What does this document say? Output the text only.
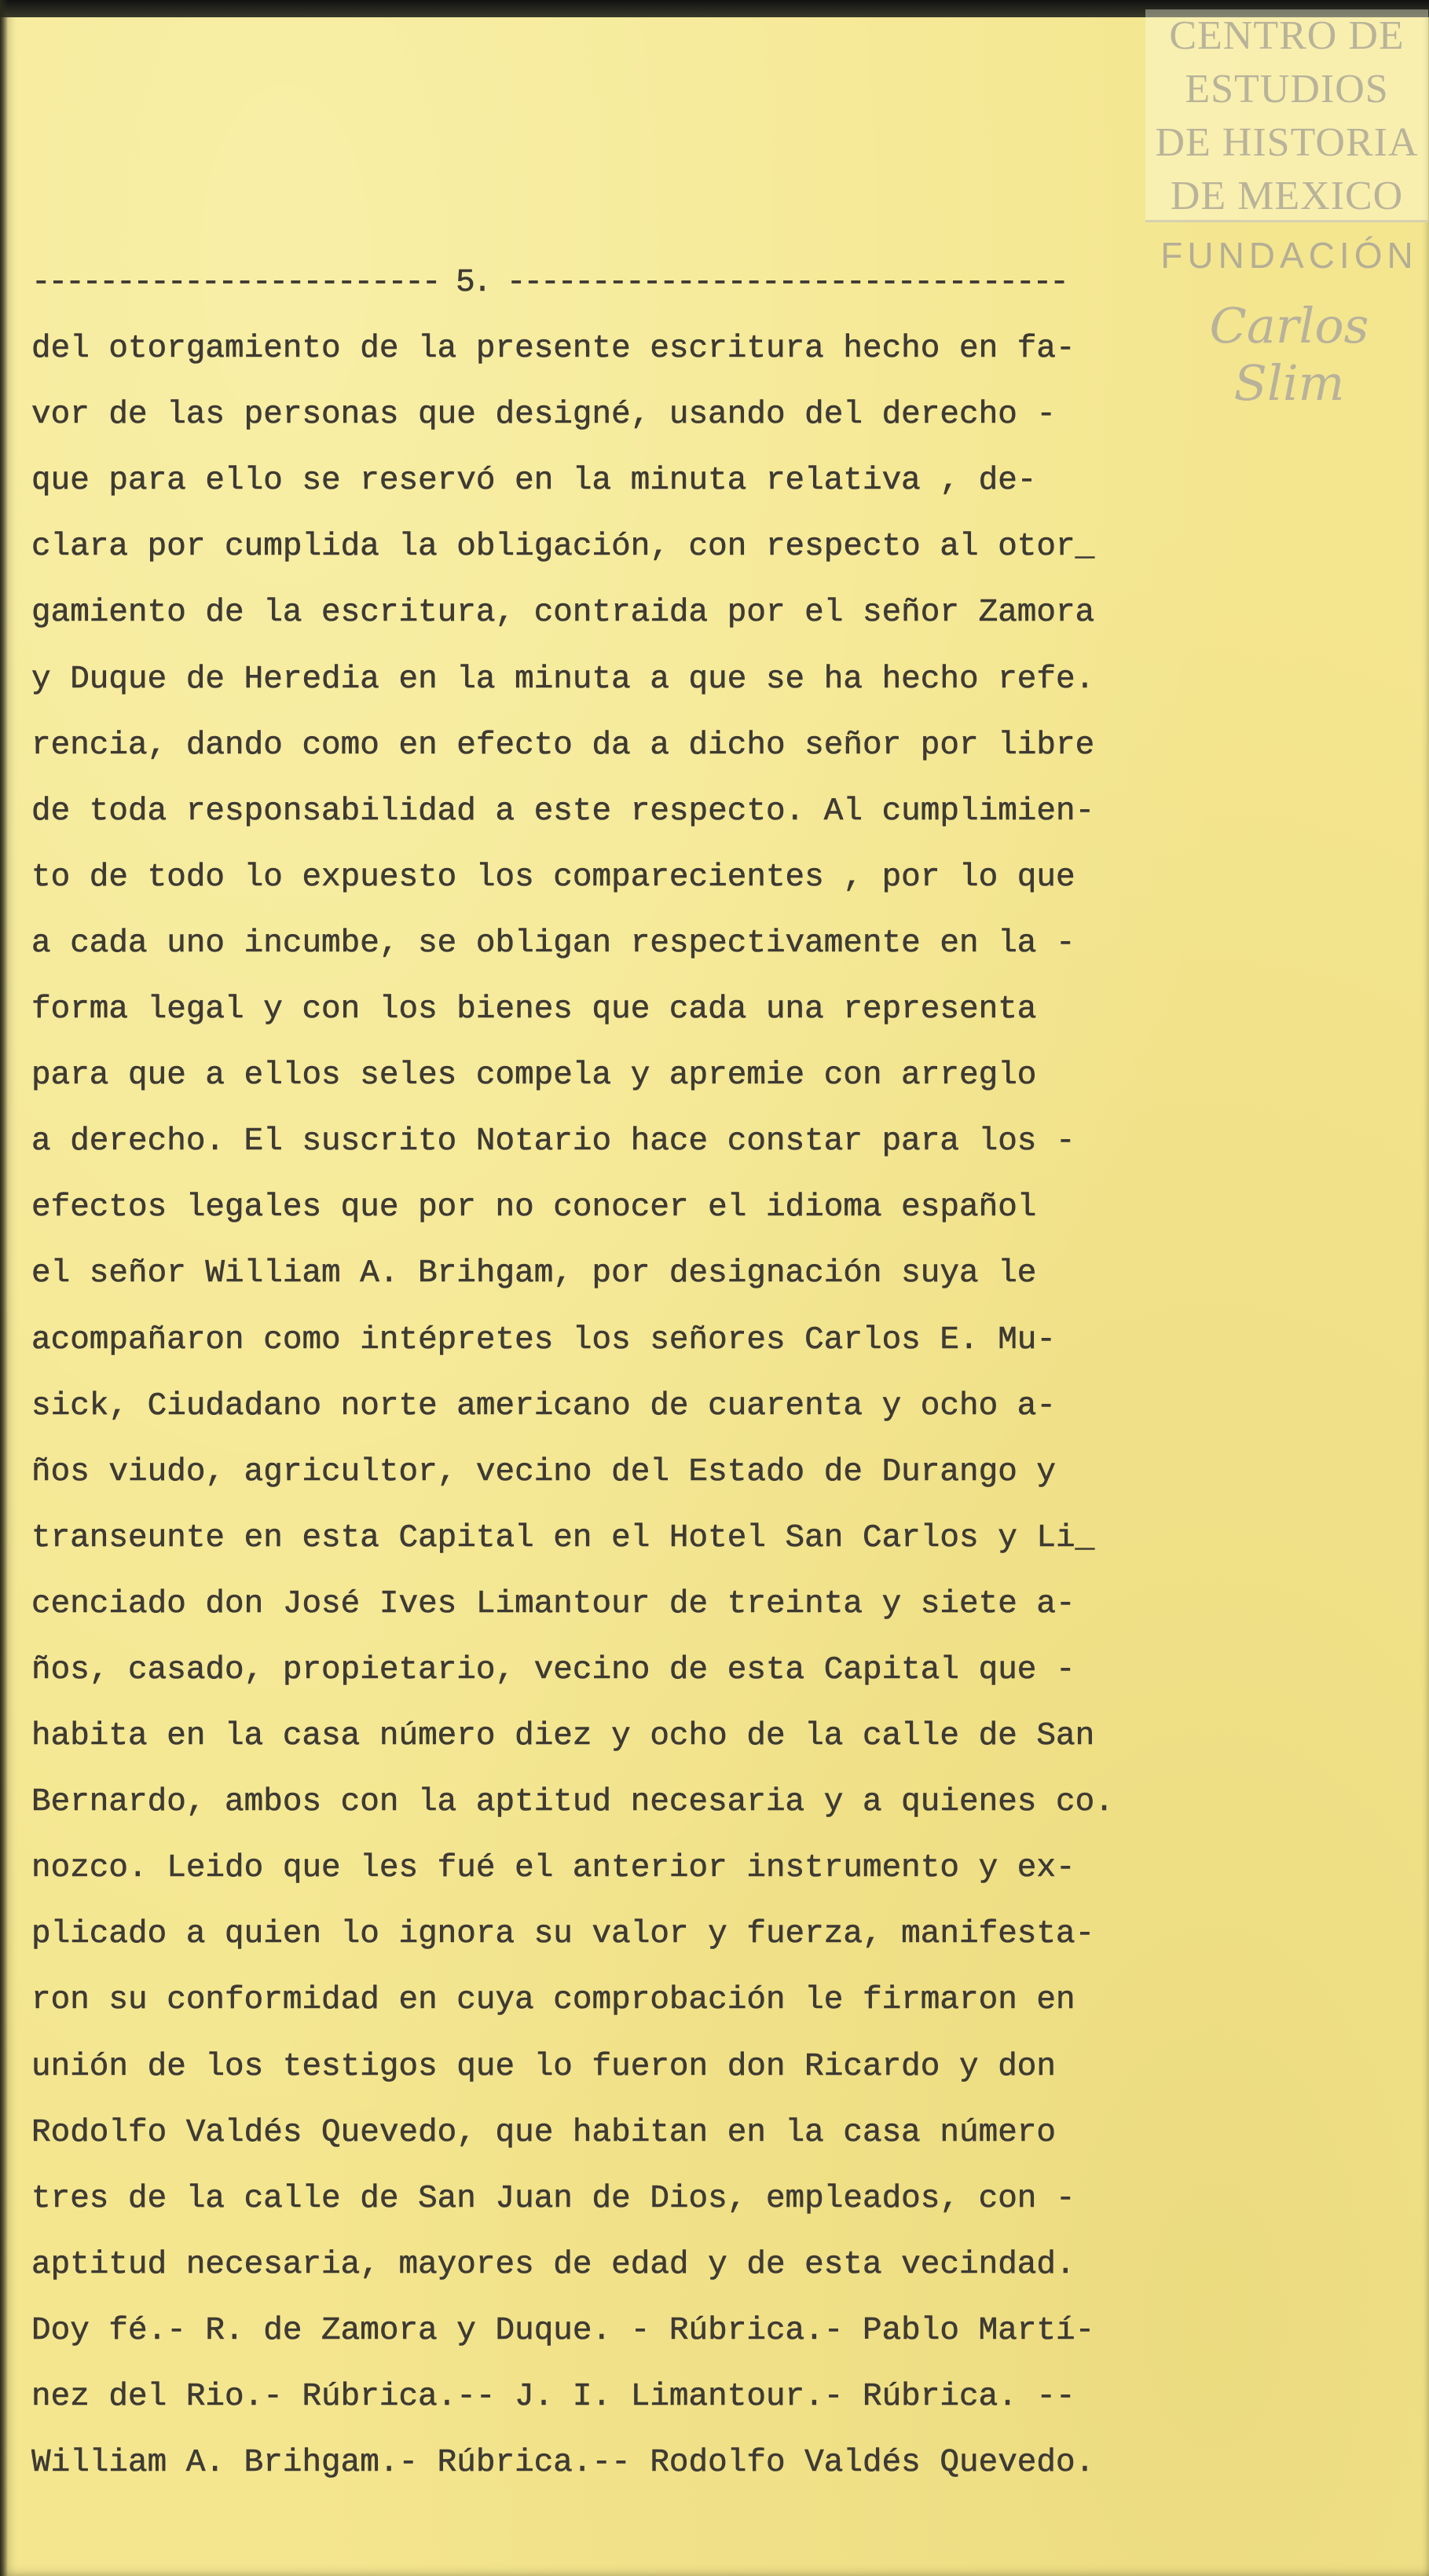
CENTRO DE
ESTUDIOS
DE HISTORIA
DE MEXICO
FUNDACIÓN
Carlos Slim
------------------------ 5. ---------------------------------
del otorgamiento de la presente escritura hecho en fa-
vor de las personas que designé, usando del derecho -
que para ello se reservó en la minuta relativa , de-
clara por cumplida la obligación, con respecto al otor_
gamiento de la escritura, contraida por el señor Zamora
y Duque de Heredia en la minuta a que se ha hecho refe.
rencia, dando como en efecto da a dicho señor por libre
de toda responsabilidad a este respecto. Al cumplimien-
to de todo lo expuesto los comparecientes , por lo que
a cada uno incumbe, se obligan respectivamente en la -
forma legal y con los bienes que cada una representa
para que a ellos seles compela y apremie con arreglo
a derecho. El suscrito Notario hace constar para los -
efectos legales que por no conocer el idioma español
el señor William A. Brihgam, por designación suya le
acompañaron como intépretes los señores Carlos E. Mu-
sick, Ciudadano norte americano de cuarenta y ocho a-
ños viudo, agricultor, vecino del Estado de Durango y
transeunte en esta Capital en el Hotel San Carlos y Li_
cenciado don José Ives Limantour de treinta y siete a-
ños, casado, propietario, vecino de esta Capital que -
habita en la casa número diez y ocho de la calle de San
Bernardo, ambos con la aptitud necesaria y a quienes co.
nozco. Leido que les fué el anterior instrumento y ex-
plicado a quien lo ignora su valor y fuerza, manifesta-
ron su conformidad en cuya comprobación le firmaron en
unión de los testigos que lo fueron don Ricardo y don
Rodolfo Valdés Quevedo, que habitan en la casa número
tres de la calle de San Juan de Dios, empleados, con -
aptitud necesaria, mayores de edad y de esta vecindad.
Doy fé.- R. de Zamora y Duque. - Rúbrica.- Pablo Martí-
nez del Rio.- Rúbrica.-- J. I. Limantour.- Rúbrica. --
William A. Brihgam.- Rúbrica.-- Rodolfo Valdés Quevedo.
